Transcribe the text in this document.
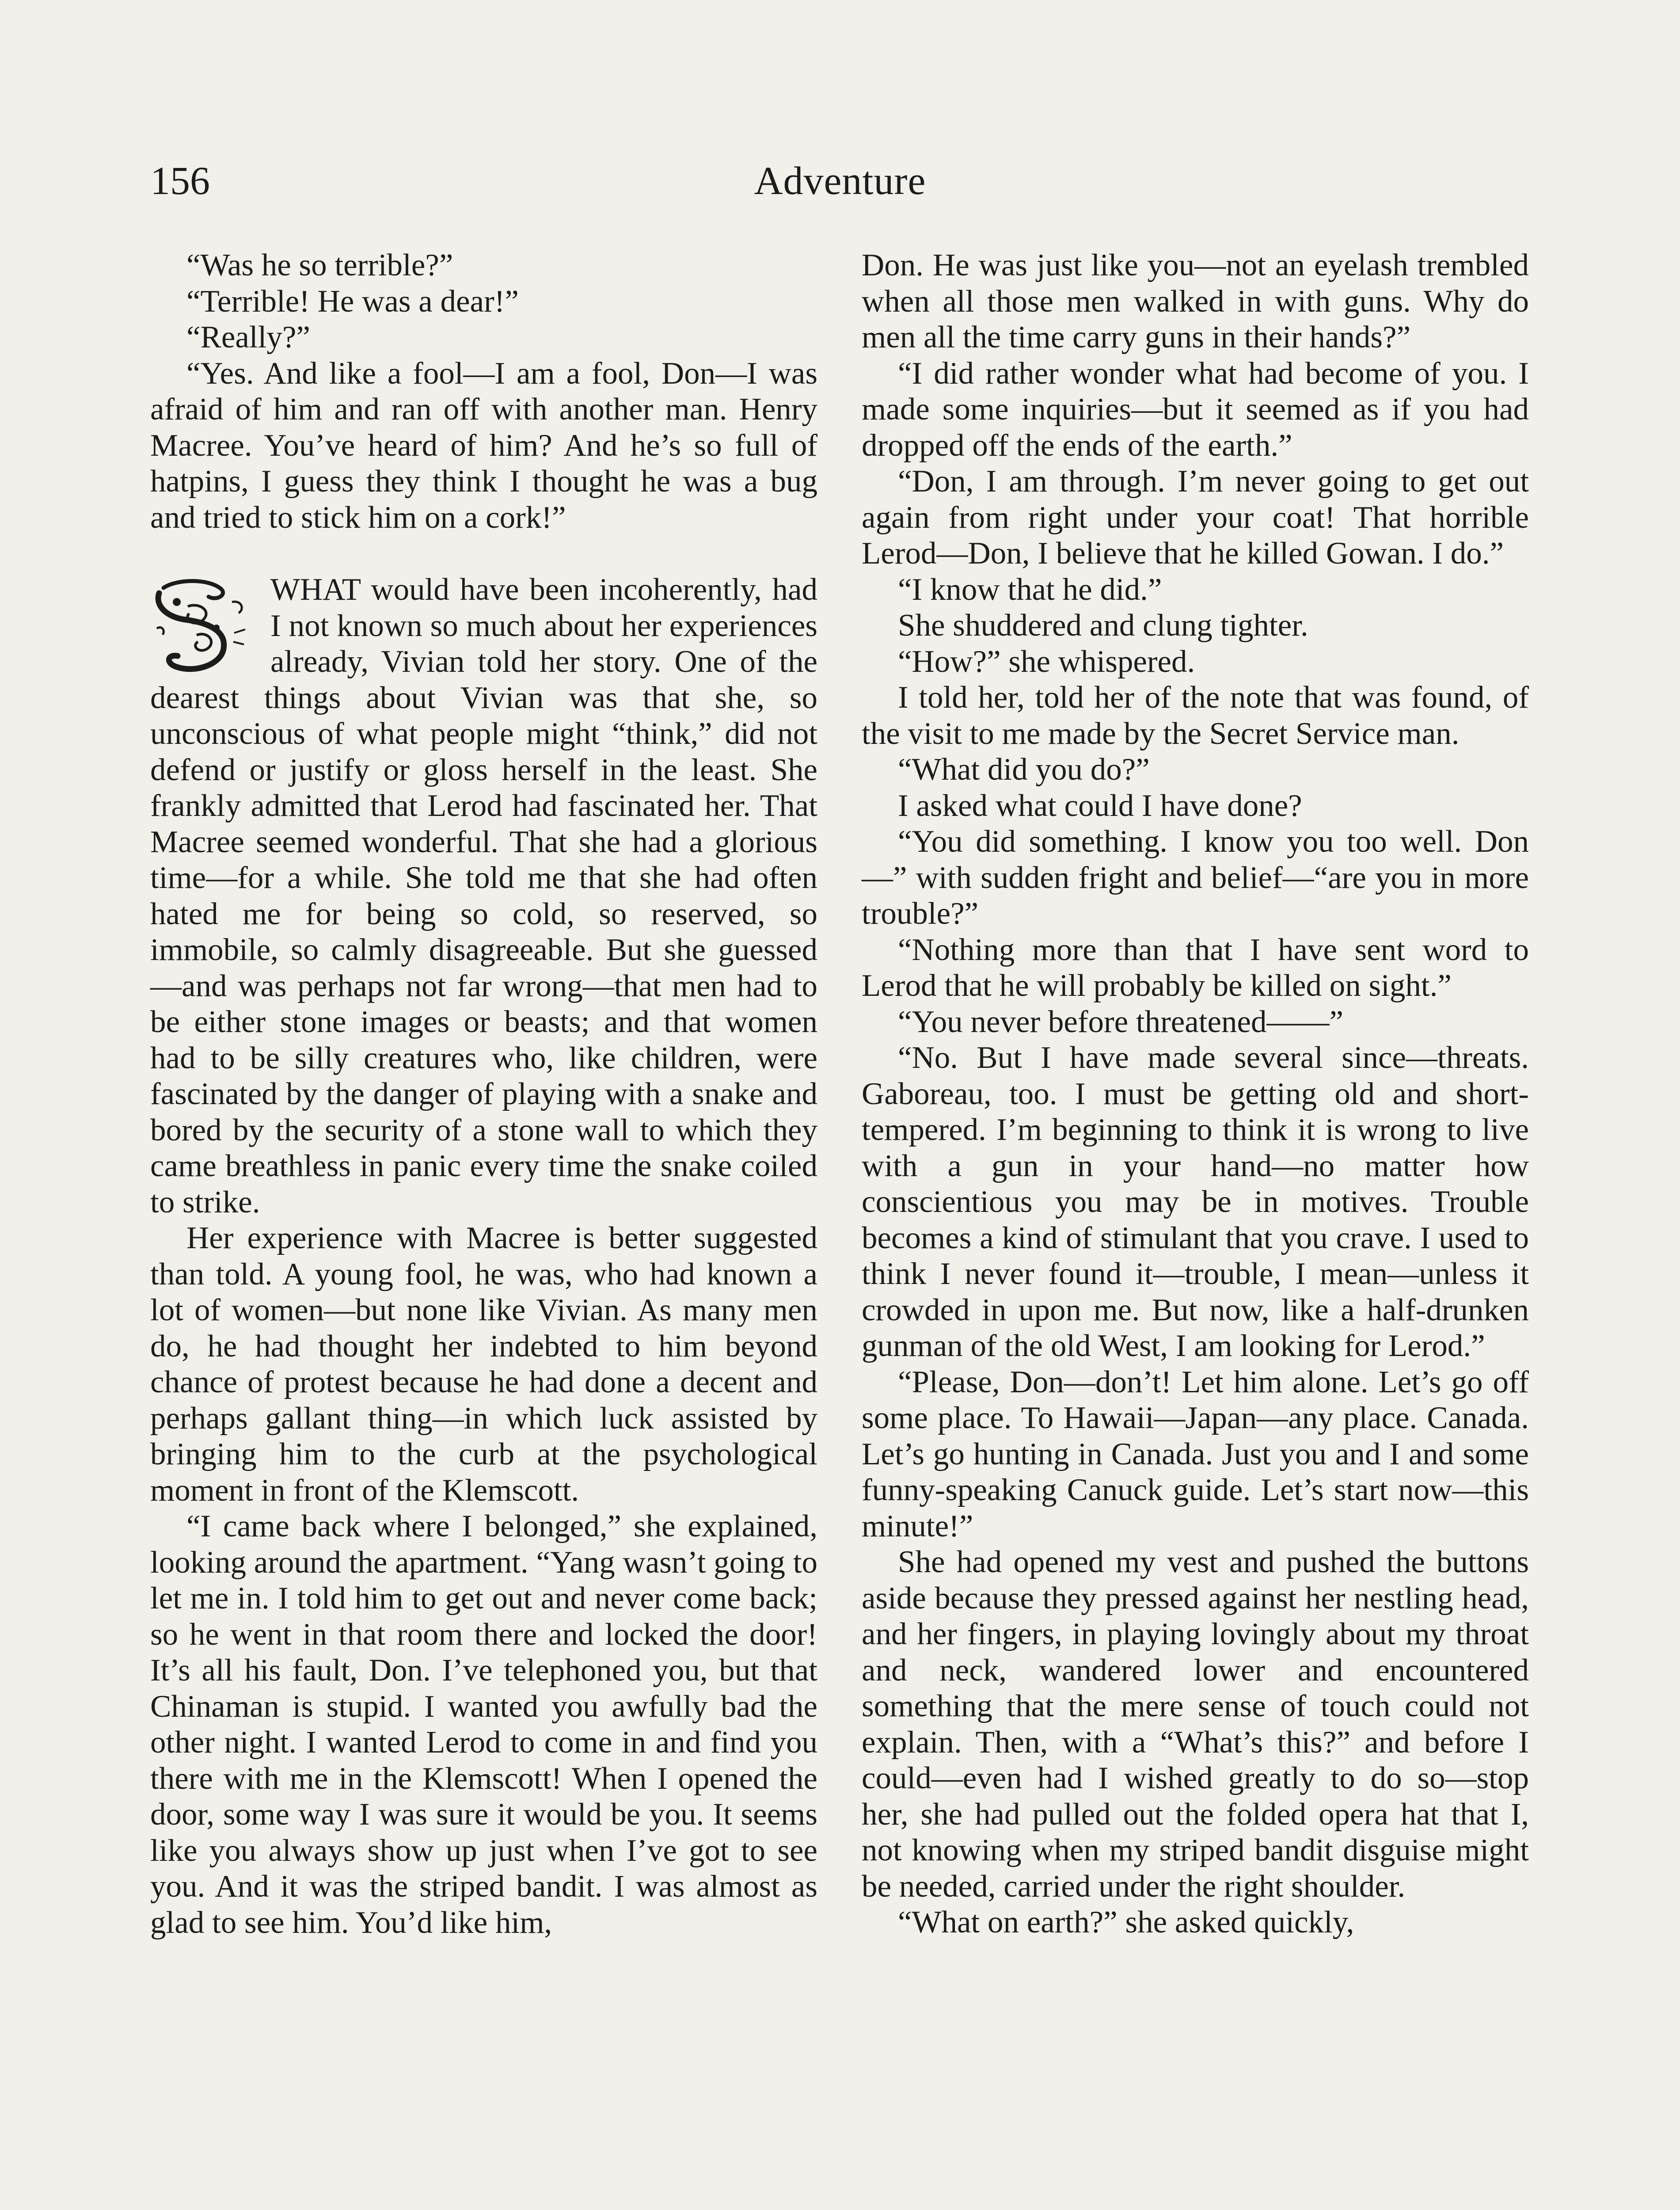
156	Adventure

“Was he so terrible?”

“Terrible! He was a dear!”

“Really?”

“Yes. And like a fool—I am a fool, Don—I was afraid of him and ran off with another man. Henry Macree. You’ve heard of him? And he’s so full of hatpins, I guess they think I thought he was a bug and tried to stick him on a cork!”

WHAT would have been incoherently, had I not known so much about her experiences already, Vivian told her story. One of the dearest things about Vivian was that she, so unconscious of what people might “think,” did not defend or justify or gloss herself in the least. She frankly admitted that Lerod had fascinated her. That Macree seemed wonderful. That she had a glorious time—for a while. She told me that she had often hated me for being so cold, so reserved, so immobile, so calmly disagreeable. But she guessed—and was perhaps not far wrong—that men had to be either stone images or beasts; and that women had to be silly creatures who, like children, were fascinated by the danger of playing with a snake and bored by the security of a stone wall to which they came breathless in panic every time the snake coiled to strike.

Her experience with Macree is better suggested than told. A young fool, he was, who had known a lot of women—but none like Vivian. As many men do, he had thought her indebted to him beyond chance of protest because he had done a decent and perhaps gallant thing—in which luck assisted by bringing him to the curb at the psychological moment in front of the Klemscott.

“I came back where I belonged,” she explained, looking around the apartment. “Yang wasn’t going to let me in. I told him to get out and never come back; so he went in that room there and locked the door! It’s all his fault, Don. I’ve telephoned you, but that Chinaman is stupid. I wanted you awfully bad the other night. I wanted Lerod to come in and find you there with me in the Klemscott! When I opened the door, some way I was sure it would be you. It seems like you always show up just when I’ve got to see you. And it was the striped bandit. I was almost as glad to see him. You’d like him,

Don. He was just like you—not an eyelash trembled when all those men walked in with guns. Why do men all the time carry guns in their hands?”

“I did rather wonder what had become of you. I made some inquiries—but it seemed as if you had dropped off the ends of the earth.”

“Don, I am through. I’m never going to get out again from right under your coat! That horrible Lerod—Don, I believe that he killed Gowan. I do.”

“I know that he did.”

She shuddered and clung tighter.

“How?” she whispered.

I told her, told her of the note that was found, of the visit to me made by the Secret Service man.

“What did you do?”

I asked what could I have done?

“You did something. I know you too well. Don—” with sudden fright and belief—“are you in more trouble?”

“Nothing more than that I have sent word to Lerod that he will probably be killed on sight.”

“You never before threatened——”

“No. But I have made several since—threats. Gaboreau, too. I must be getting old and short-tempered. I’m beginning to think it is wrong to live with a gun in your hand—no matter how conscientious you may be in motives. Trouble becomes a kind of stimulant that you crave. I used to think I never found it—trouble, I mean—unless it crowded in upon me. But now, like a half-drunken gunman of the old West, I am looking for Lerod.”

“Please, Don—don’t! Let him alone. Let’s go off some place. To Hawaii—Japan—any place. Canada. Let’s go hunting in Canada. Just you and I and some funny-speaking Canuck guide. Let’s start now—this minute!”

She had opened my vest and pushed the buttons aside because they pressed against her nestling head, and her fingers, in playing lovingly about my throat and neck, wandered lower and encountered something that the mere sense of touch could not explain. Then, with a “What’s this?” and before I could—even had I wished greatly to do so—stop her, she had pulled out the folded opera hat that I, not knowing when my striped bandit disguise might be needed, carried under the right shoulder.

“What on earth?” she asked quickly,
